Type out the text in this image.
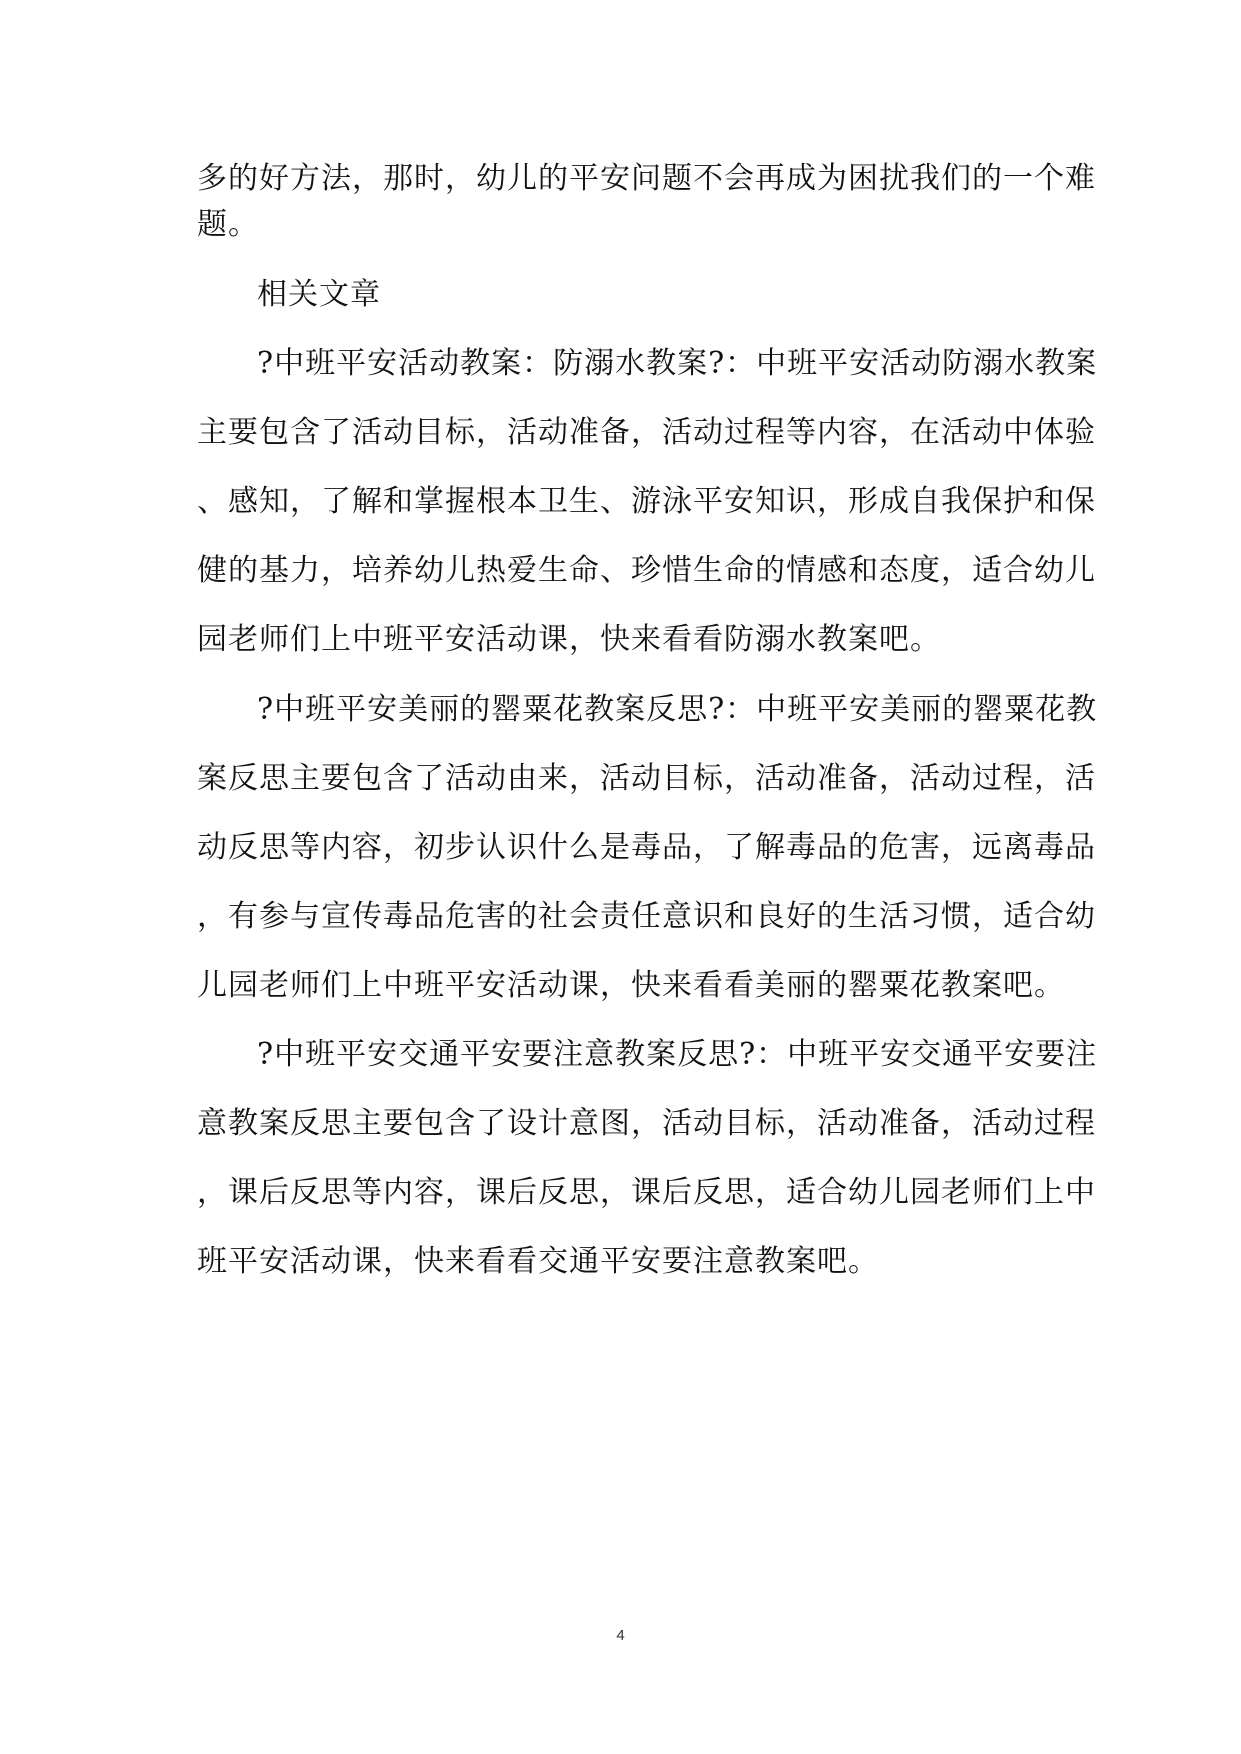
多的好方法，那时，幼儿的平安问题不会再成为困扰我们的一个难
题。
相关文章
?中班平安活动教案：防溺水教案?：中班平安活动防溺水教案
主要包含了活动目标，活动准备，活动过程等内容，在活动中体验
、感知，了解和掌握根本卫生、游泳平安知识，形成自我保护和保
健的基力，培养幼儿热爱生命、珍惜生命的情感和态度，适合幼儿
园老师们上中班平安活动课，快来看看防溺水教案吧。
?中班平安美丽的罂粟花教案反思?：中班平安美丽的罂粟花教
案反思主要包含了活动由来，活动目标，活动准备，活动过程，活
动反思等内容，初步认识什么是毒品，了解毒品的危害，远离毒品
，有参与宣传毒品危害的社会责任意识和良好的生活习惯，适合幼
儿园老师们上中班平安活动课，快来看看美丽的罂粟花教案吧。
?中班平安交通平安要注意教案反思?：中班平安交通平安要注
意教案反思主要包含了设计意图，活动目标，活动准备，活动过程
，课后反思等内容，课后反思，课后反思，适合幼儿园老师们上中
班平安活动课，快来看看交通平安要注意教案吧。
4
